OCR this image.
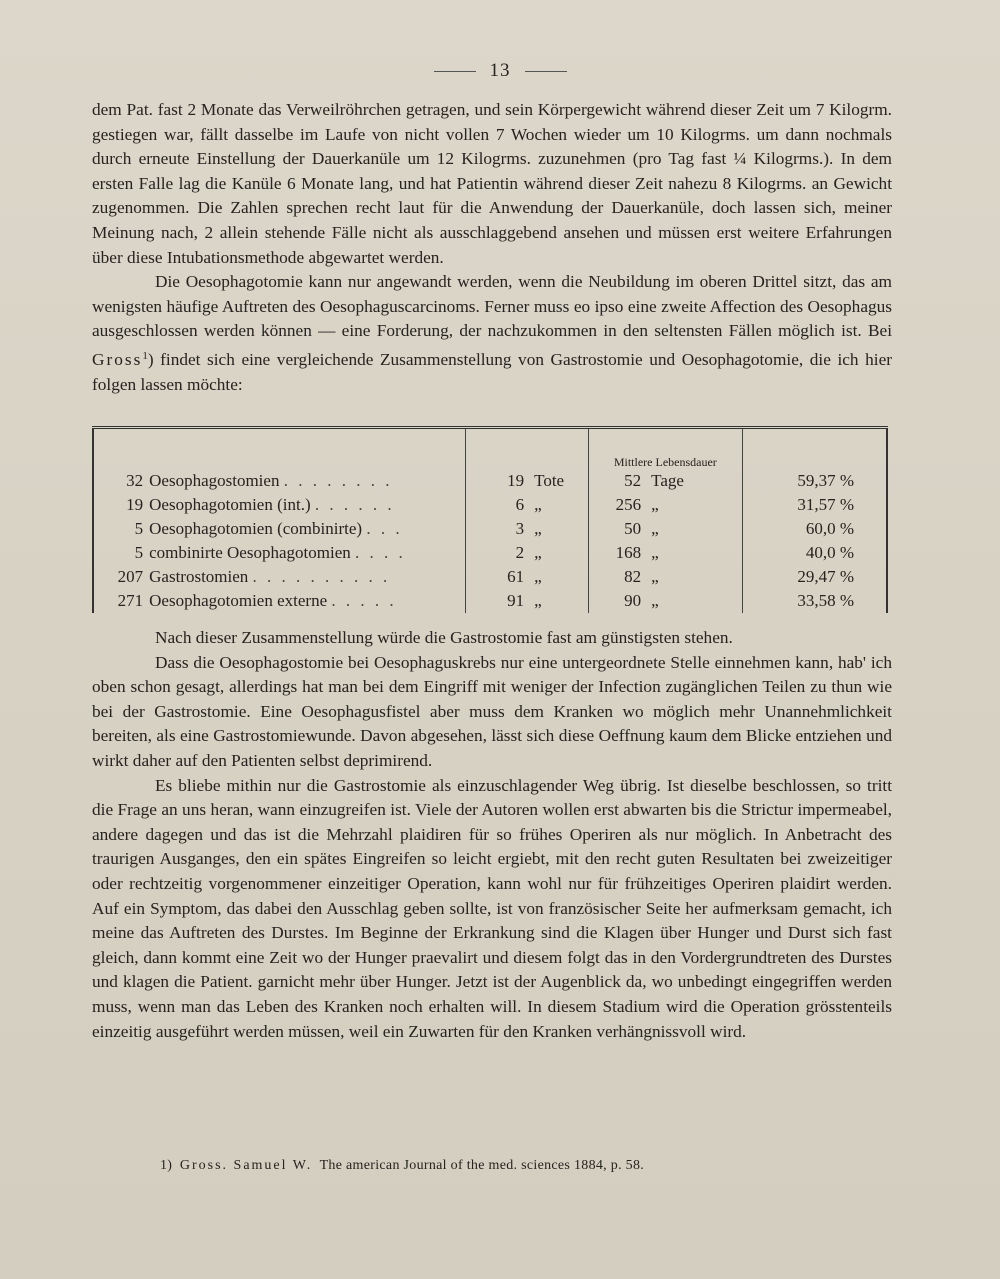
13

dem Pat. fast 2 Monate das Verweilröhrchen getragen, und sein Körpergewicht während dieser Zeit um 7 Kilogrm. gestiegen war, fällt dasselbe im Laufe von nicht vollen 7 Wochen wieder um 10 Kilogrms. um dann nochmals durch erneute Einstellung der Dauerkanüle um 12 Kilogrms. zuzunehmen (pro Tag fast ¼ Kilogrms.). In dem ersten Falle lag die Kanüle 6 Monate lang, und hat Patientin während dieser Zeit nahezu 8 Kilogrms. an Gewicht zugenommen. Die Zahlen sprechen recht laut für die Anwendung der Dauerkanüle, doch lassen sich, meiner Meinung nach, 2 allein stehende Fälle nicht als ausschlaggebend ansehen und müssen erst weitere Erfahrungen über diese Intubationsmethode abgewartet werden.

Die Oesophagotomie kann nur angewandt werden, wenn die Neubildung im oberen Drittel sitzt, das am wenigsten häufige Auftreten des Oesophaguscarcinoms. Ferner muss eo ipso eine zweite Affection des Oesophagus ausgeschlossen werden können — eine Forderung, der nachzukommen in den seltensten Fällen möglich ist. Bei Gross$^1$) findet sich eine vergleichende Zusammenstellung von Gastrostomie und Oesophagotomie, die ich hier folgen lassen möchte:

			Mittlere Lebensdauer	
32	Oesophagostomien . . . . . . . .	19 Tote	52 Tage	59,37 %
19	Oesophagotomien (int.) . . . . . .	6 „	256 „	31,57 %
5	Oesophagotomien (combinirte) . . .	3 „	50 „	60,0 %
5	combinirte Oesophagotomien . . . .	2 „	168 „	40,0 %
207	Gastrostomien . . . . . . . . . .	61 „	82 „	29,47 %
271	Oesophagotomien externe . . . . .	91 „	90 „	33,58 %

Nach dieser Zusammenstellung würde die Gastrostomie fast am günstigsten stehen.

Dass die Oesophagostomie bei Oesophaguskrebs nur eine untergeordnete Stelle einnehmen kann, hab' ich oben schon gesagt, allerdings hat man bei dem Eingriff mit weniger der Infection zugänglichen Teilen zu thun wie bei der Gastrostomie. Eine Oesophagusfistel aber muss dem Kranken wo möglich mehr Unannehmlichkeit bereiten, als eine Gastrostomiewunde. Davon abgesehen, lässt sich diese Oeffnung kaum dem Blicke entziehen und wirkt daher auf den Patienten selbst deprimirend.

Es bliebe mithin nur die Gastrostomie als einzuschlagender Weg übrig. Ist dieselbe beschlossen, so tritt die Frage an uns heran, wann einzugreifen ist. Viele der Autoren wollen erst abwarten bis die Strictur impermeabel, andere dagegen und das ist die Mehrzahl plaidiren für so frühes Operiren als nur möglich. In Anbetracht des traurigen Ausganges, den ein spätes Eingreifen so leicht ergiebt, mit den recht guten Resultaten bei zweizeitiger oder rechtzeitig vorgenommener einzeitiger Operation, kann wohl nur für frühzeitiges Operiren plaidirt werden. Auf ein Symptom, das dabei den Ausschlag geben sollte, ist von französischer Seite her aufmerksam gemacht, ich meine das Auftreten des Durstes. Im Beginne der Erkrankung sind die Klagen über Hunger und Durst sich fast gleich, dann kommt eine Zeit wo der Hunger praevalirt und diesem folgt das in den Vordergrundtreten des Durstes und klagen die Patient. garnicht mehr über Hunger. Jetzt ist der Augenblick da, wo unbedingt eingegriffen werden muss, wenn man das Leben des Kranken noch erhalten will. In diesem Stadium wird die Operation grösstenteils einzeitig ausgeführt werden müssen, weil ein Zuwarten für den Kranken verhängnissvoll wird.

1) Gross. Samuel W. The american Journal of the med. sciences 1884, p. 58.
